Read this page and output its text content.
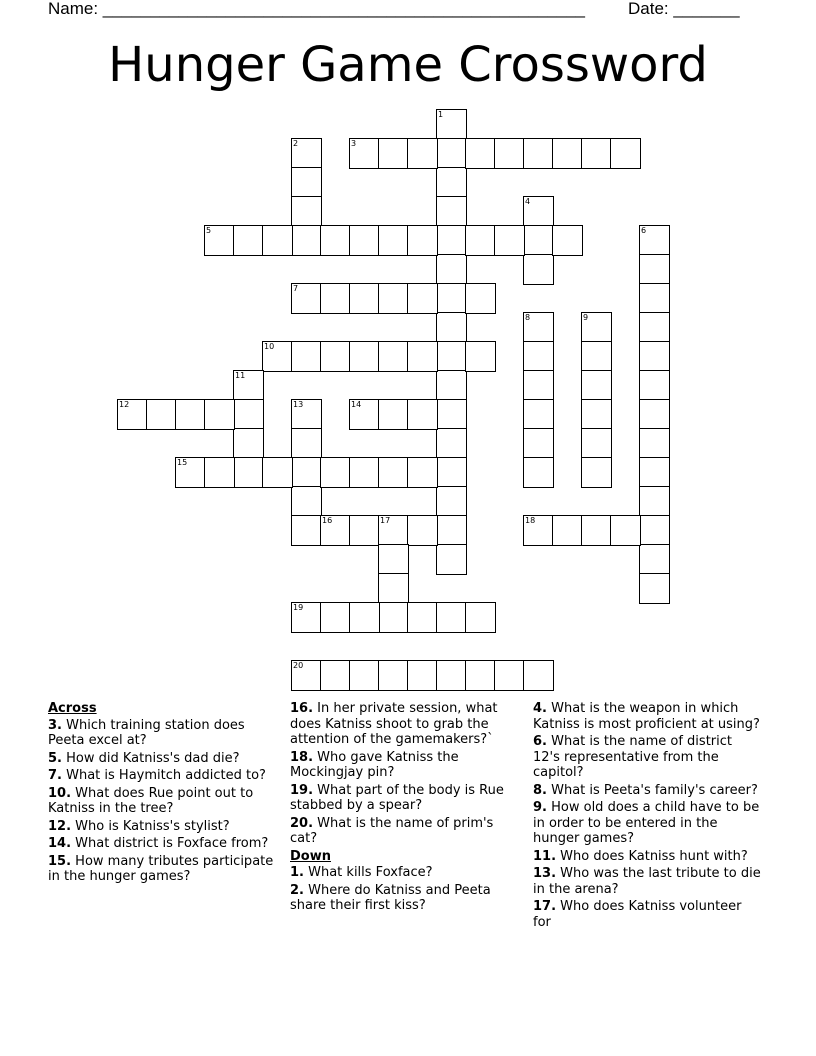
Name: ___________________________________________________	Date: _______
Hunger Game Crossword
1
2	3
4
5	6
7
8	9
10
11
12	13	14
15
16	17	18
19
20
Across
3. Which training station does Peeta excel at?
5. How did Katniss's dad die?
7. What is Haymitch addicted to?
10. What does Rue point out to Katniss in the tree?
12. Who is Katniss's stylist?
14. What district is Foxface from?
15. How many tributes participate in the hunger games?
16. In her private session, what does Katniss shoot to grab the attention of the gamemakers?`
18. Who gave Katniss the Mockingjay pin?
19. What part of the body is Rue stabbed by a spear?
20. What is the name of prim's cat?
Down
1. What kills Foxface?
2. Where do Katniss and Peeta share their first kiss?
4. What is the weapon in which Katniss is most proficient at using?
6. What is the name of district 12's representative from the capitol?
8. What is Peeta's family's career?
9. How old does a child have to be in order to be entered in the hunger games?
11. Who does Katniss hunt with?
13. Who was the last tribute to die in the arena?
17. Who does Katniss volunteer for
